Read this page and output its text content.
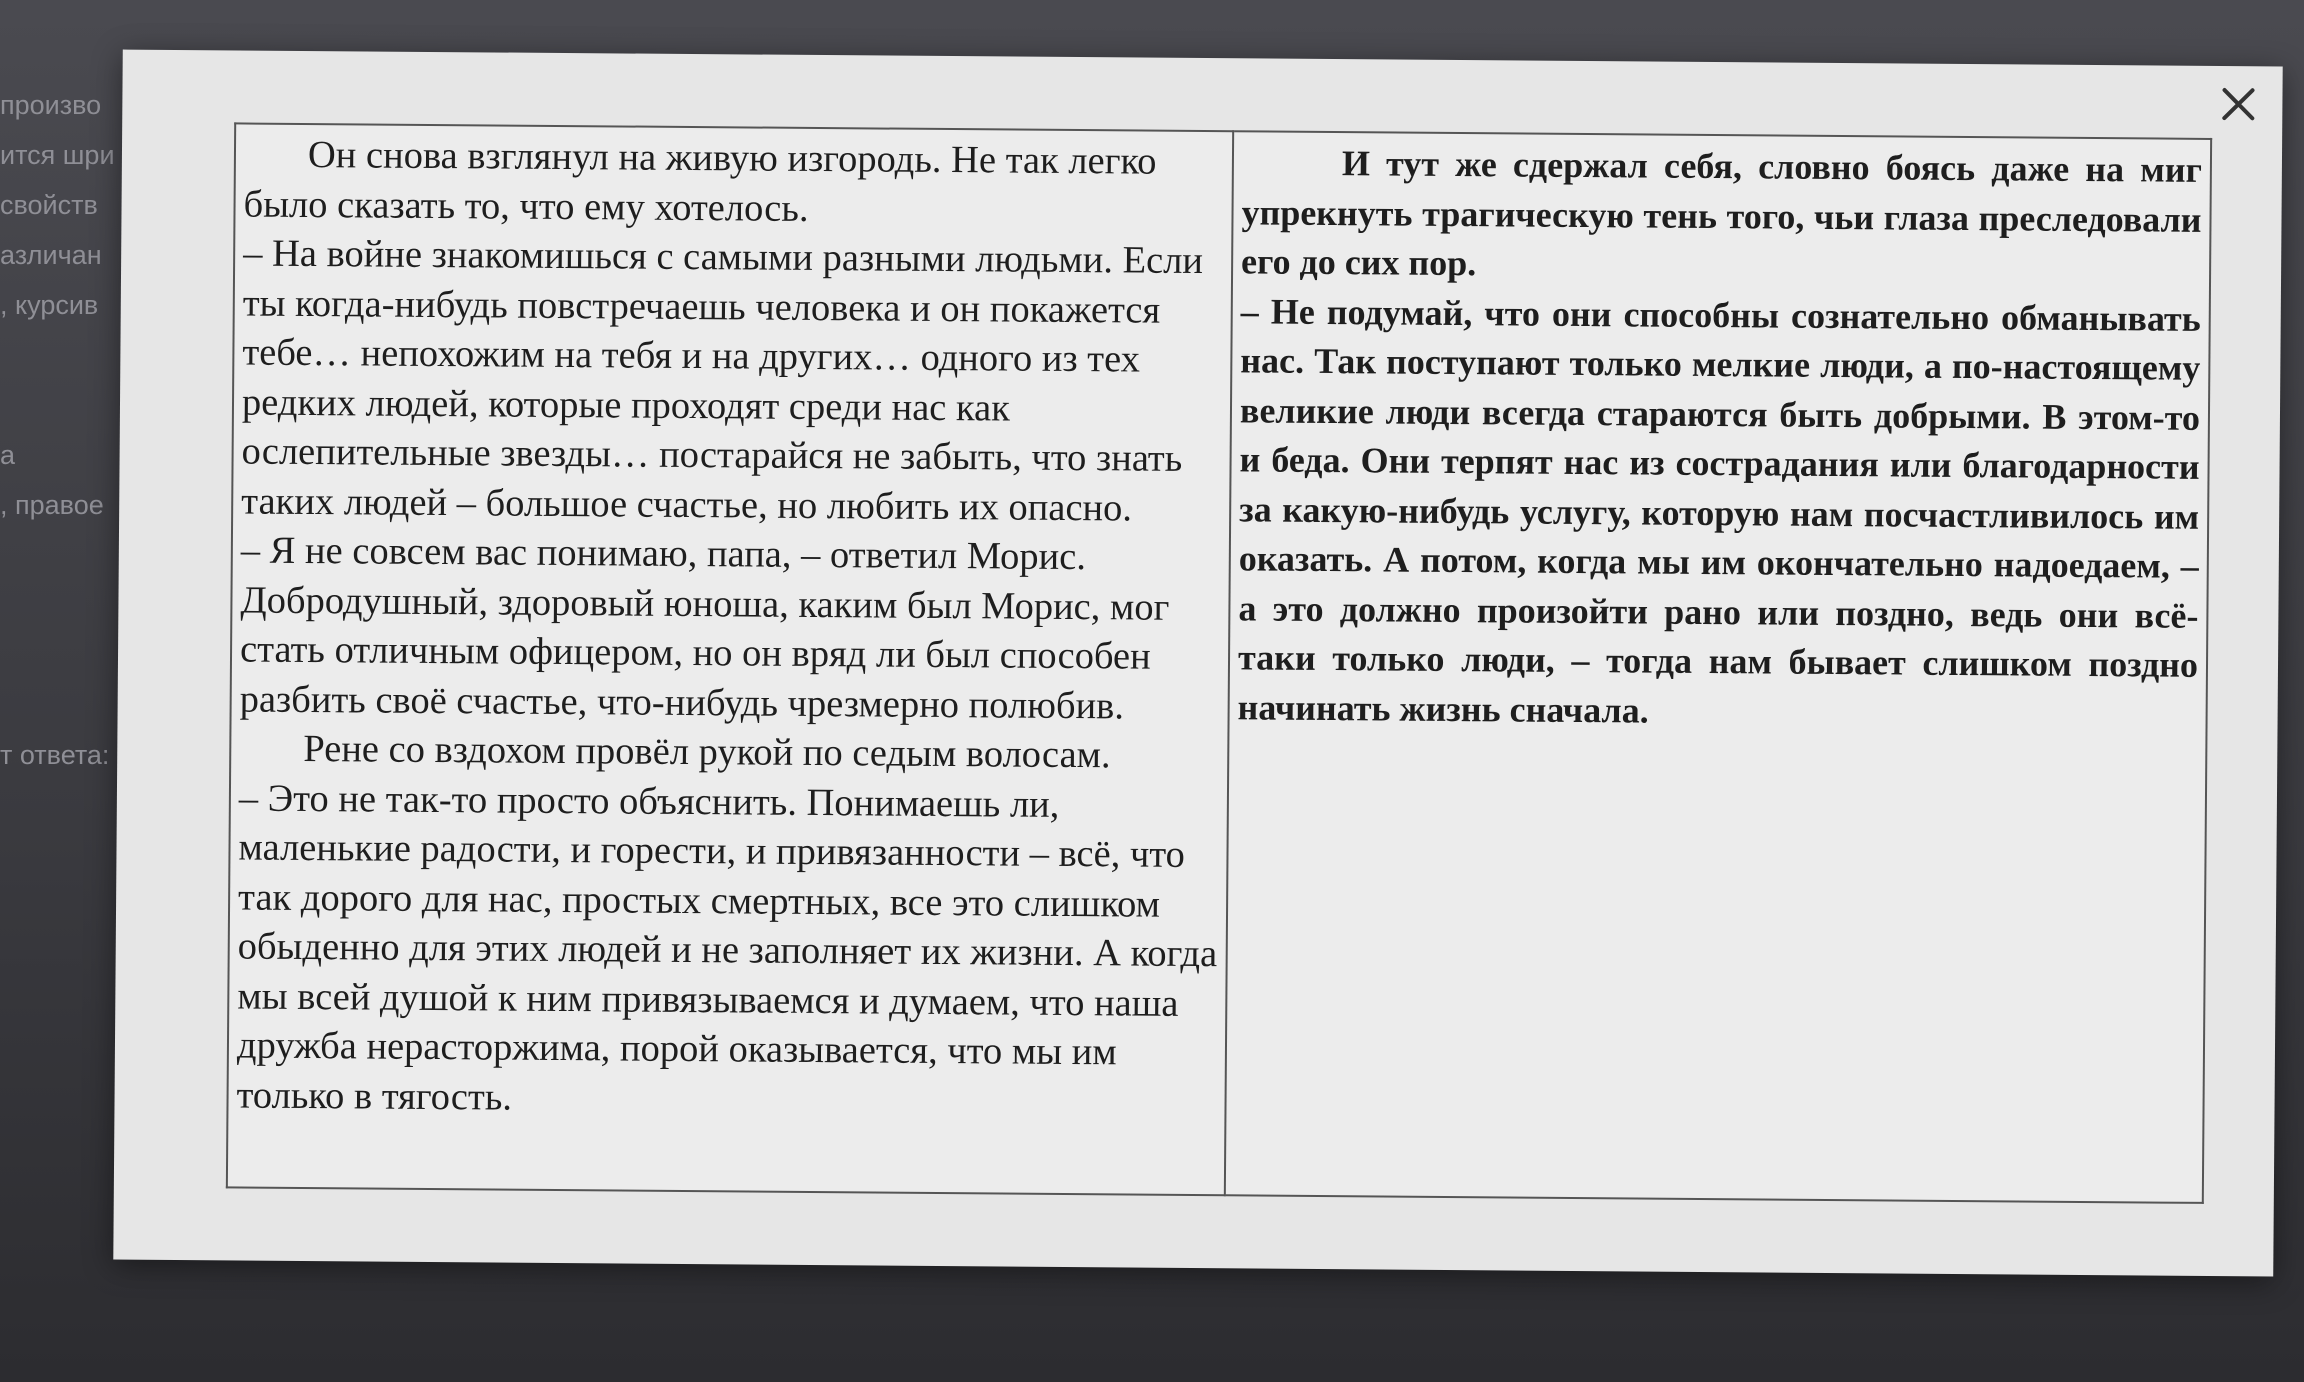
произво
ится шри
свойств
азличан
, курсив
а
, правое
т ответа:

Он снова взглянул на живую изгородь. Не так легко было сказать то, что ему хотелось.

– На войне знакомишься с самыми разными людьми. Если ты когда-нибудь повстречаешь человека и он покажется тебе… непохожим на тебя и на других… одного из тех редких людей, которые проходят среди нас как ослепительные звезды… постарайся не забыть, что знать таких людей – большое счастье, но любить их опасно.

– Я не совсем вас понимаю, папа, – ответил Морис. Добродушный, здоровый юноша, каким был Морис, мог стать отличным офицером, но он вряд ли был способен разбить своё счастье, что-нибудь чрезмерно полюбив.

Рене со вздохом провёл рукой по седым волосам.

– Это не так-то просто объяснить. Понимаешь ли, маленькие радости, и горести, и привязанности – всё, что так дорого для нас, простых смертных, все это слишком обыденно для этих людей и не заполняет их жизни. А когда мы всей душой к ним привязываемся и думаем, что наша дружба нерасторжима, порой оказывается, что мы им только в тягость.

И тут же сдержал себя, словно боясь даже на миг упрекнуть трагическую тень того, чьи глаза преследовали его до сих пор.

– Не подумай, что они способны сознательно обманывать нас. Так поступают только мелкие люди, а по-настоящему великие люди всегда стараются быть добрыми. В этом-то и беда. Они терпят нас из сострадания или благодарности за какую-нибудь услугу, которую нам посчастливилось им оказать. А потом, когда мы им окончательно надоедаем, – а это должно произойти рано или поздно, ведь они всё-таки только люди, – тогда нам бывает слишком поздно начинать жизнь сначала.
